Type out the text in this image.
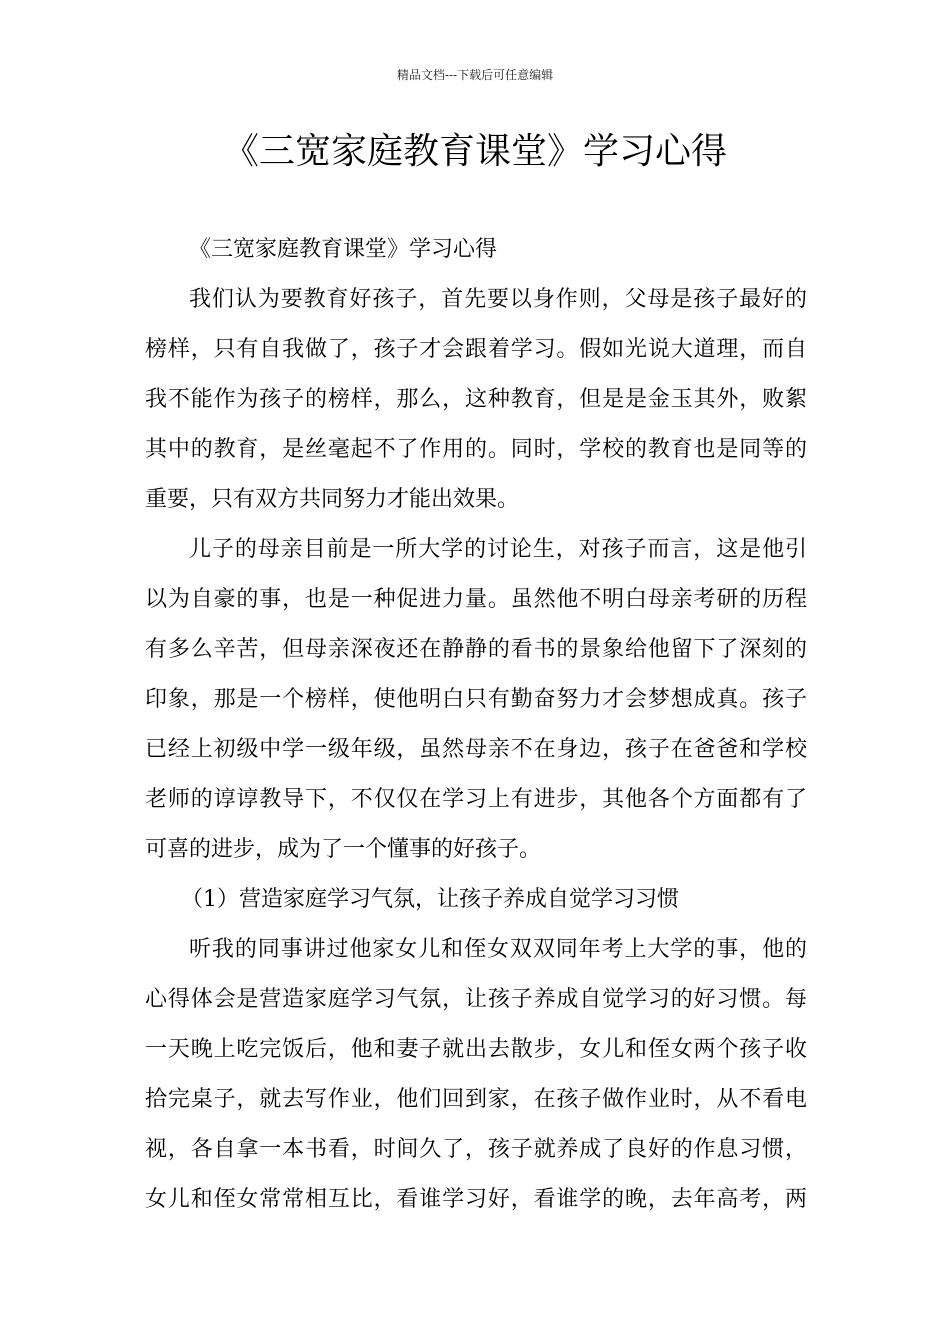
精品文档---下载后可任意编辑
《三宽家庭教育课堂》学习心得
《三宽家庭教育课堂》学习心得
我们认为要教育好孩子，首先要以身作则，父母是孩子最好的
榜样，只有自我做了，孩子才会跟着学习。假如光说大道理，而自
我不能作为孩子的榜样，那么，这种教育，但是是金玉其外，败絮
其中的教育，是丝毫起不了作用的。同时，学校的教育也是同等的
重要，只有双方共同努力才能出效果。
儿子的母亲目前是一所大学的讨论生，对孩子而言，这是他引
以为自豪的事，也是一种促进力量。虽然他不明白母亲考研的历程
有多么辛苦，但母亲深夜还在静静的看书的景象给他留下了深刻的
印象，那是一个榜样，使他明白只有勤奋努力才会梦想成真。孩子
已经上初级中学一级年级，虽然母亲不在身边，孩子在爸爸和学校
老师的谆谆教导下，不仅仅在学习上有进步，其他各个方面都有了
可喜的进步，成为了一个懂事的好孩子。
（1）营造家庭学习气氛，让孩子养成自觉学习习惯
听我的同事讲过他家女儿和侄女双双同年考上大学的事，他的
心得体会是营造家庭学习气氛，让孩子养成自觉学习的好习惯。每
一天晚上吃完饭后，他和妻子就出去散步，女儿和侄女两个孩子收
拾完桌子，就去写作业，他们回到家，在孩子做作业时，从不看电
视，各自拿一本书看，时间久了，孩子就养成了良好的作息习惯，
女儿和侄女常常相互比，看谁学习好，看谁学的晚，去年高考，两
